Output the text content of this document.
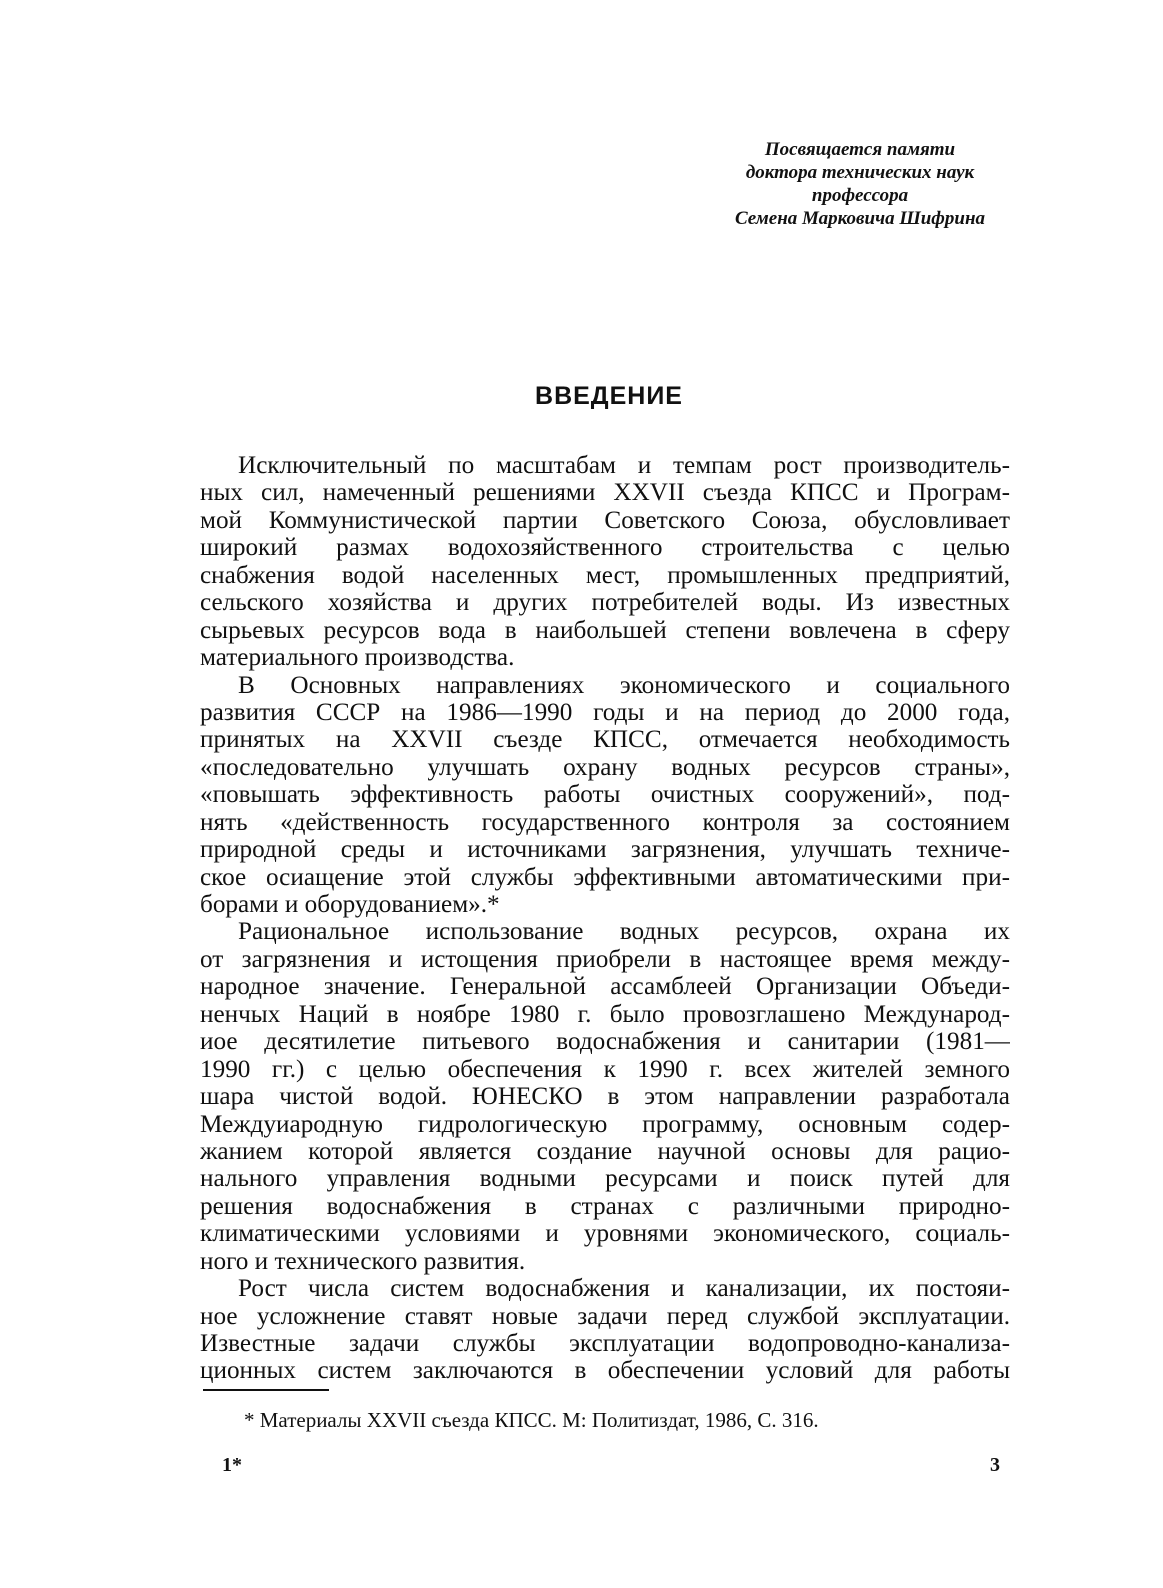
Посвящается памяти
доктора технических наук
профессора
Семена Марковича Шифрина
ВВЕДЕНИЕ
Исключительный по масштабам и темпам рост производитель-
ных сил, намеченный решениями XXVII съезда КПСС и Програм-
мой Коммунистической партии Советского Союза, обусловливает
широкий размах водохозяйственного строительства с целью
снабжения водой населенных мест, промышленных предприятий,
сельского хозяйства и других потребителей воды. Из известных
сырьевых ресурсов вода в наибольшей степени вовлечена в сферу
материального производства.
В Основных направлениях экономического и социального
развития СССР на 1986—1990 годы и на период до 2000 года,
принятых на XXVII съезде КПСС, отмечается необходимость
«последовательно улучшать охрану водных ресурсов страны»,
«повышать эффективность работы очистных сооружений», под-
нять «действенность государственного контроля за состоянием
природной среды и источниками загрязнения, улучшать техниче-
ское осиащение этой службы эффективными автоматическими при-
борами и оборудованием».*
Рациональное использование водных ресурсов, охрана их
от загрязнения и истощения приобрели в настоящее время между-
народное значение. Генеральной ассамблеей Организации Объеди-
ненчых Наций в ноябре 1980 г. было провозглашено Международ-
иое десятилетие питьевого водоснабжения и санитарии (1981—
1990 гг.) с целью обеспечения к 1990 г. всех жителей земного
шара чистой водой. ЮНЕСКО в этом направлении разработала
Междуиародную гидрологическую программу, основным содер-
жанием которой является создание научной основы для рацио-
нального управления водными ресурсами и поиск путей для
решения водоснабжения в странах с различными природно-
климатическими условиями и уровнями экономического, социаль-
ного и технического развития.
Рост числа систем водоснабжения и канализации, их постояи-
ное усложнение ставят новые задачи перед службой эксплуатации.
Известные задачи службы эксплуатации водопроводно-канализа-
ционных систем заключаются в обеспечении условий для работы
* Материалы XXVII съезда КПСС. М: Политиздат, 1986, С. 316.
1*	3
